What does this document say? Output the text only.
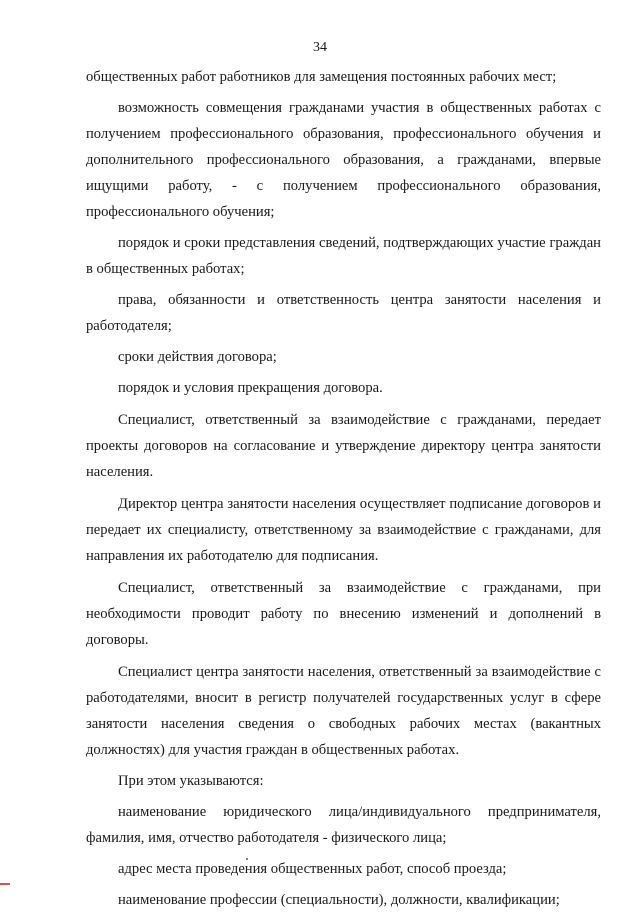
34

общественных работ работников для замещения постоянных рабочих мест;

возможность совмещения гражданами участия в общественных работах с получением профессионального образования, профессионального обучения и дополнительного профессионального образования, а гражданами, впервые ищущими работу, - с получением профессионального образования, профессионального обучения;

порядок и сроки представления сведений, подтверждающих участие граждан в общественных работах;

права, обязанности и ответственность центра занятости населения и работодателя;

сроки действия договора;

порядок и условия прекращения договора.

Специалист, ответственный за взаимодействие с гражданами, передает проекты договоров на согласование и утверждение директору центра занятости населения.

Директор центра занятости населения осуществляет подписание договоров и передает их специалисту, ответственному за взаимодействие с гражданами, для направления их работодателю для подписания.

Специалист, ответственный за взаимодействие с гражданами, при необходимости проводит работу по внесению изменений и дополнений в договоры.

Специалист центра занятости населения, ответственный за взаимодействие с работодателями, вносит в регистр получателей государственных услуг в сфере занятости населения сведения о свободных рабочих местах (вакантных должностях) для участия граждан в общественных работах.

При этом указываются:

наименование юридического лица/индивидуального предпринимателя, фамилия, имя, отчество работодателя - физического лица;

адрес места проведения общественных работ, способ проезда;

наименование профессии (специальности), должности, квалификации;
